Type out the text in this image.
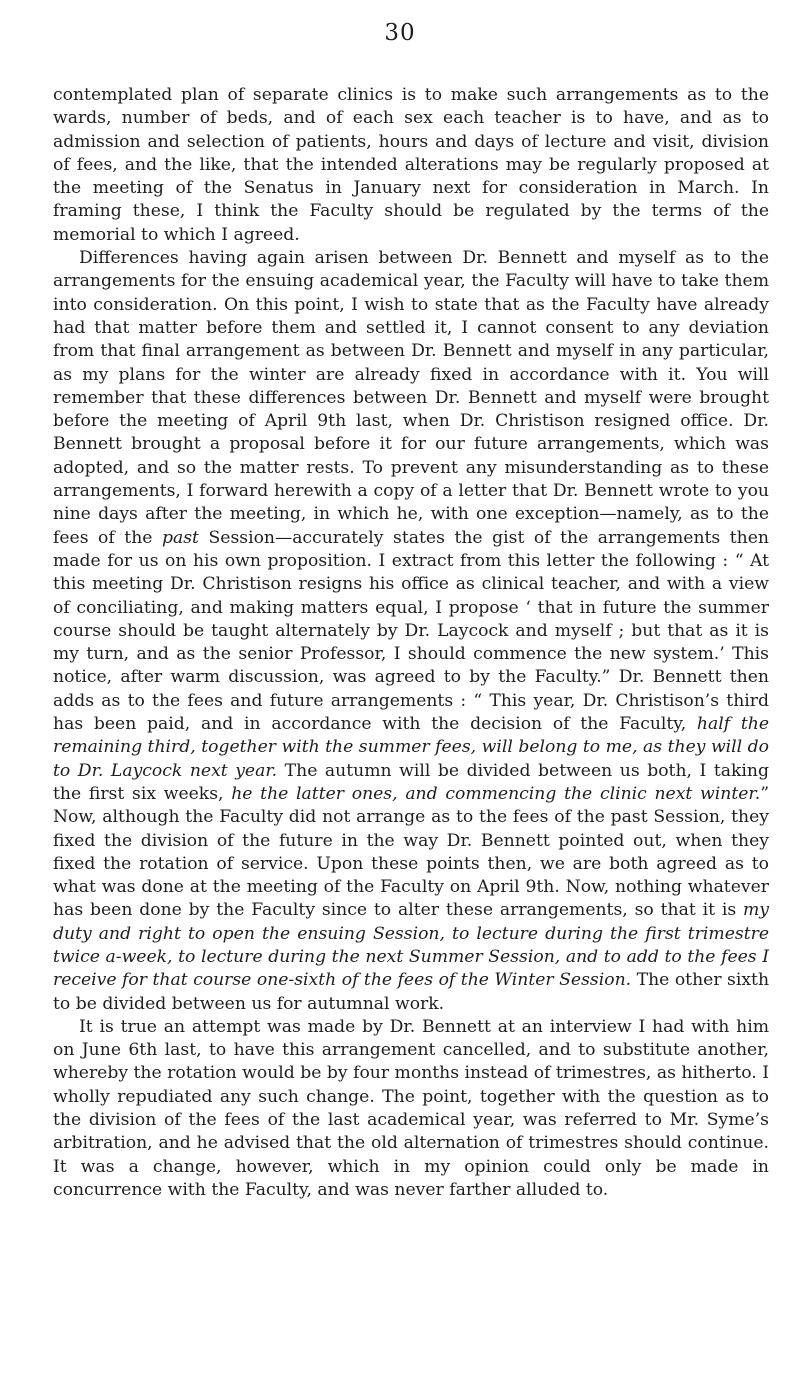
30

contemplated plan of separate clinics is to make such arrangements as to the wards, number of beds, and of each sex each teacher is to have, and as to admission and selection of patients, hours and days of lecture and visit, division of fees, and the like, that the intended alterations may be regularly proposed at the meeting of the Senatus in January next for consideration in March. In framing these, I think the Faculty should be regulated by the terms of the memorial to which I agreed.

Differences having again arisen between Dr. Bennett and myself as to the arrangements for the ensuing academical year, the Faculty will have to take them into consideration. On this point, I wish to state that as the Faculty have already had that matter before them and settled it, I cannot consent to any deviation from that final arrangement as between Dr. Bennett and myself in any particular, as my plans for the winter are already fixed in accordance with it. You will remember that these differences between Dr. Bennett and myself were brought before the meeting of April 9th last, when Dr. Christison resigned office. Dr. Bennett brought a proposal before it for our future arrangements, which was adopted, and so the matter rests. To prevent any misunderstanding as to these arrangements, I forward herewith a copy of a letter that Dr. Bennett wrote to you nine days after the meeting, in which he, with one exception—namely, as to the fees of the past Session—accurately states the gist of the arrangements then made for us on his own proposition. I extract from this letter the following : “ At this meeting Dr. Christison resigns his office as clinical teacher, and with a view of conciliating, and making matters equal, I propose ‘ that in future the summer course should be taught alternately by Dr. Laycock and myself ; but that as it is my turn, and as the senior Professor, I should commence the new system.’ This notice, after warm discussion, was agreed to by the Faculty.” Dr. Bennett then adds as to the fees and future arrangements : “ This year, Dr. Christison’s third has been paid, and in accordance with the decision of the Faculty, half the remaining third, together with the summer fees, will belong to me, as they will do to Dr. Laycock next year. The autumn will be divided between us both, I taking the first six weeks, he the latter ones, and commencing the clinic next winter.” Now, although the Faculty did not arrange as to the fees of the past Session, they fixed the division of the future in the way Dr. Bennett pointed out, when they fixed the rotation of service. Upon these points then, we are both agreed as to what was done at the meeting of the Faculty on April 9th. Now, nothing whatever has been done by the Faculty since to alter these arrangements, so that it is my duty and right to open the ensuing Session, to lecture during the first trimestre twice a-week, to lecture during the next Summer Session, and to add to the fees I receive for that course one-sixth of the fees of the Winter Session. The other sixth to be divided between us for autumnal work.

It is true an attempt was made by Dr. Bennett at an interview I had with him on June 6th last, to have this arrangement cancelled, and to substitute another, whereby the rotation would be by four months instead of trimestres, as hitherto. I wholly repudiated any such change. The point, together with the question as to the division of the fees of the last academical year, was referred to Mr. Syme’s arbitration, and he advised that the old alternation of trimestres should continue. It was a change, however, which in my opinion could only be made in concurrence with the Faculty, and was never farther alluded to.
